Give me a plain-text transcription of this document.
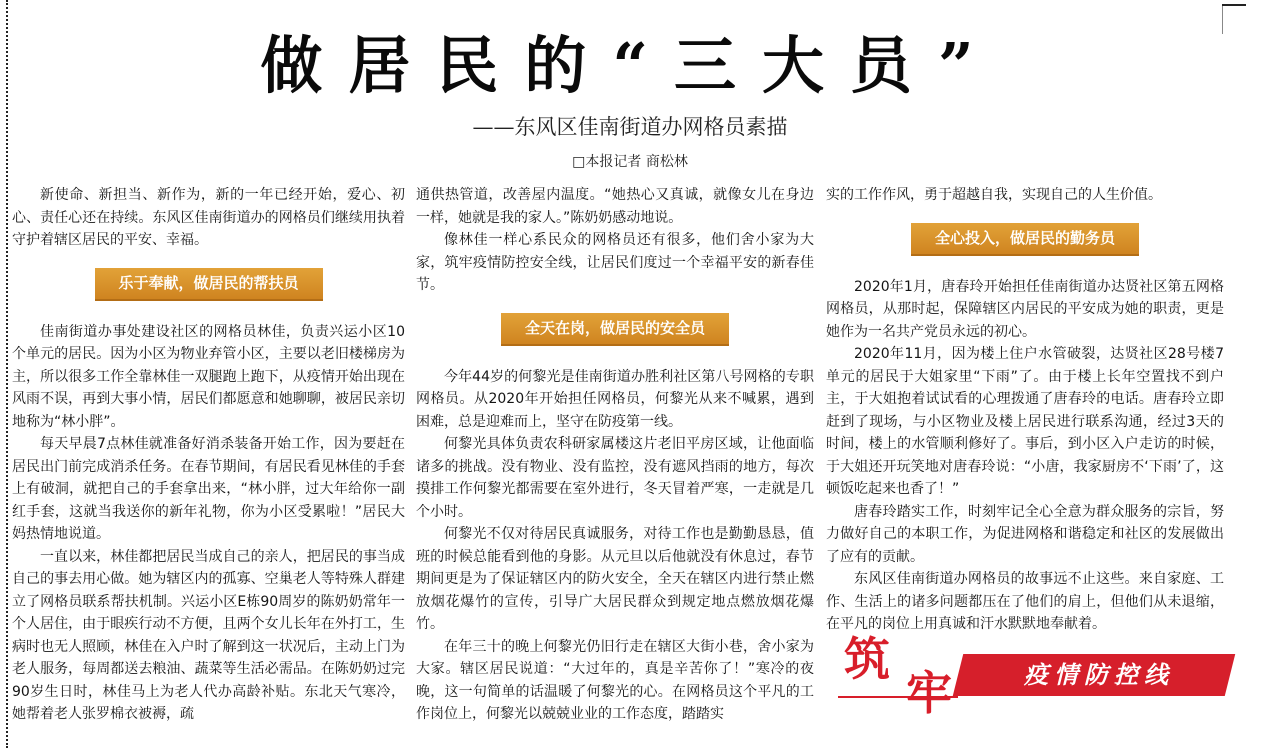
做居民的“三大员”
——东风区佳南街道办网格员素描
□本报记者 商松林

新使命、新担当、新作为，新的一年已经开始，爱心、初心、责任心还在持续。东风区佳南街道办的网格员们继续用执着守护着辖区居民的平安、幸福。

乐于奉献，做居民的帮扶员

佳南街道办事处建设社区的网格员林佳，负责兴运小区10个单元的居民。因为小区为物业弃管小区，主要以老旧楼梯房为主，所以很多工作全靠林佳一双腿跑上跑下，从疫情开始出现在风雨不误，再到大事小情，居民们都愿意和她聊聊，被居民亲切地称为“林小胖”。

每天早晨7点林佳就准备好消杀装备开始工作，因为要赶在居民出门前完成消杀任务。在春节期间，有居民看见林佳的手套上有破洞，就把自己的手套拿出来，“林小胖，过大年给你一副红手套，这就当我送你的新年礼物，你为小区受累啦！”居民大妈热情地说道。

一直以来，林佳都把居民当成自己的亲人，把居民的事当成自己的事去用心做。她为辖区内的孤寡、空巢老人等特殊人群建立了网格员联系帮扶机制。兴运小区E栋90周岁的陈奶奶常年一个人居住，由于眼疾行动不方便，且两个女儿长年在外打工，生病时也无人照顾，林佳在入户时了解到这一状况后，主动上门为老人服务，每周都送去粮油、蔬菜等生活必需品。在陈奶奶过完90岁生日时，林佳马上为老人代办高龄补贴。东北天气寒冷，她帮着老人张罗棉衣被褥，疏

通供热管道，改善屋内温度。“她热心又真诚，就像女儿在身边一样，她就是我的家人。”陈奶奶感动地说。

像林佳一样心系民众的网格员还有很多，他们舍小家为大家，筑牢疫情防控安全线，让居民们度过一个幸福平安的新春佳节。

全天在岗，做居民的安全员

今年44岁的何黎光是佳南街道办胜利社区第八号网格的专职网格员。从2020年开始担任网格员，何黎光从来不喊累，遇到困难，总是迎难而上，坚守在防疫第一线。

何黎光具体负责农科研家属楼这片老旧平房区域，让他面临诸多的挑战。没有物业、没有监控，没有遮风挡雨的地方，每次摸排工作何黎光都需要在室外进行，冬天冒着严寒，一走就是几个小时。

何黎光不仅对待居民真诚服务，对待工作也是勤勤恳恳，值班的时候总能看到他的身影。从元旦以后他就没有休息过，春节期间更是为了保证辖区内的防火安全，全天在辖区内进行禁止燃放烟花爆竹的宣传，引导广大居民群众到规定地点燃放烟花爆竹。

在年三十的晚上何黎光仍旧行走在辖区大街小巷，舍小家为大家。辖区居民说道：“大过年的，真是辛苦你了！”寒冷的夜晚，这一句简单的话温暖了何黎光的心。在网格员这个平凡的工作岗位上，何黎光以兢兢业业的工作态度，踏踏实

实的工作作风，勇于超越自我，实现自己的人生价值。

全心投入，做居民的勤务员

2020年1月，唐春玲开始担任佳南街道办达贤社区第五网格网格员，从那时起，保障辖区内居民的平安成为她的职责，更是她作为一名共产党员永远的初心。

2020年11月，因为楼上住户水管破裂，达贤社区28号楼7单元的居民于大姐家里“下雨”了。由于楼上长年空置找不到户主，于大姐抱着试试看的心理拨通了唐春玲的电话。唐春玲立即赶到了现场，与小区物业及楼上居民进行联系沟通，经过3天的时间，楼上的水管顺利修好了。事后，到小区入户走访的时候，于大姐还开玩笑地对唐春玲说：“小唐，我家厨房不‘下雨’了，这顿饭吃起来也香了！”

唐春玲踏实工作，时刻牢记全心全意为群众服务的宗旨，努力做好自己的本职工作，为促进网格和谐稳定和社区的发展做出了应有的贡献。

东风区佳南街道办网格员的故事远不止这些。来自家庭、工作、生活上的诸多问题都压在了他们的肩上，但他们从未退缩，在平凡的岗位上用真诚和汗水默默地奉献着。

筑
牢	疫情防控线
